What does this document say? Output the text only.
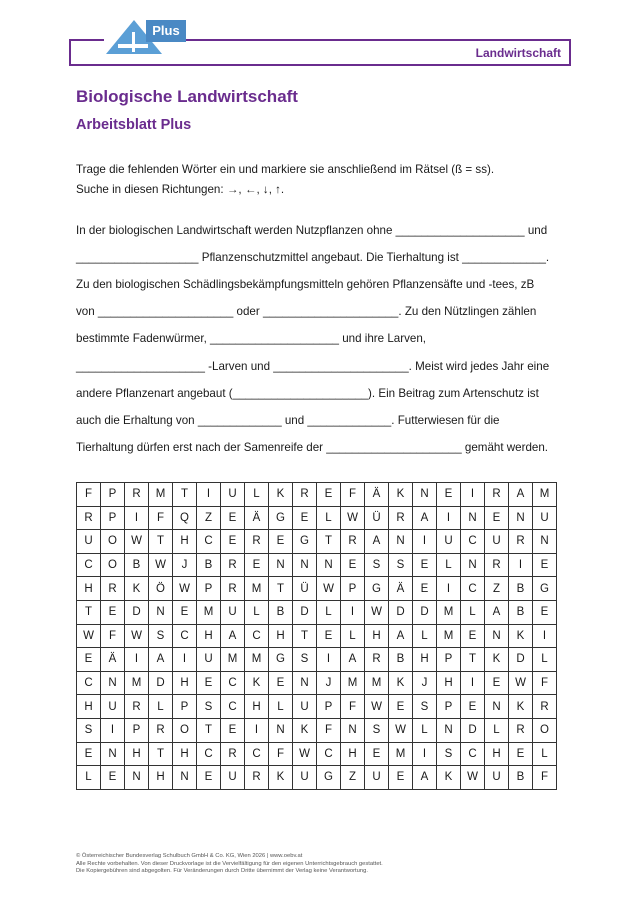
Landwirtschaft
Plus
Biologische Landwirtschaft
Arbeitsblatt Plus
Trage die fehlenden Wörter ein und markiere sie anschließend im Rätsel (ß = ss).
Suche in diesen Richtungen: →, ←, ↓, ↑.
In der biologischen Landwirtschaft werden Nutzpflanzen ohne ____________________ und
___________________ Pflanzenschutzmittel angebaut. Die Tierhaltung ist _____________.
Zu den biologischen Schädlingsbekämpfungsmitteln gehören Pflanzensäfte und -tees, zB
von _____________________ oder _____________________. Zu den Nützlingen zählen
bestimmte Fadenwürmer, ____________________ und ihre Larven,
____________________ -Larven und _____________________. Meist wird jedes Jahr eine
andere Pflanzenart angebaut (_____________________). Ein Beitrag zum Artenschutz ist
auch die Erhaltung von _____________ und _____________. Futterwiesen für die
Tierhaltung dürfen erst nach der Samenreife der _____________________ gemäht werden.
F	P	R	M	T	I	U	L	K	R	E	F	Ä	K	N	E	I	R	A	M
R	P	I	F	Q	Z	E	Ä	G	E	L	W	Ü	R	A	I	N	E	N	U
U	O	W	T	H	C	E	R	E	G	T	R	A	N	I	U	C	U	R	N
C	O	B	W	J	B	R	E	N	N	N	E	S	S	E	L	N	R	I	E
H	R	K	Ö	W	P	R	M	T	Ü	W	P	G	Ä	E	I	C	Z	B	G
T	E	D	N	E	M	U	L	B	D	L	I	W	D	D	M	L	A	B	E
W	F	W	S	C	H	A	C	H	T	E	L	H	A	L	M	E	N	K	I
E	Ä	I	A	I	U	M	M	G	S	I	A	R	B	H	P	T	K	D	L
C	N	M	D	H	E	C	K	E	N	J	M	M	K	J	H	I	E	W	F
H	U	R	L	P	S	C	H	L	U	P	F	W	E	S	P	E	N	K	R
S	I	P	R	O	T	E	I	N	K	F	N	S	W	L	N	D	L	R	O
E	N	H	T	H	C	R	C	F	W	C	H	E	M	I	S	C	H	E	L
L	E	N	H	N	E	U	R	K	U	G	Z	U	E	A	K	W	U	B	F
© Österreichischer Bundesverlag Schulbuch GmbH & Co. KG, Wien 2026 | www.oebv.at
Alle Rechte vorbehalten. Von dieser Druckvorlage ist die Vervielfältigung für den eigenen Unterrichtsgebrauch gestattet.
Die Kopiergebühren sind abgegolten. Für Veränderungen durch Dritte übernimmt der Verlag keine Verantwortung.
